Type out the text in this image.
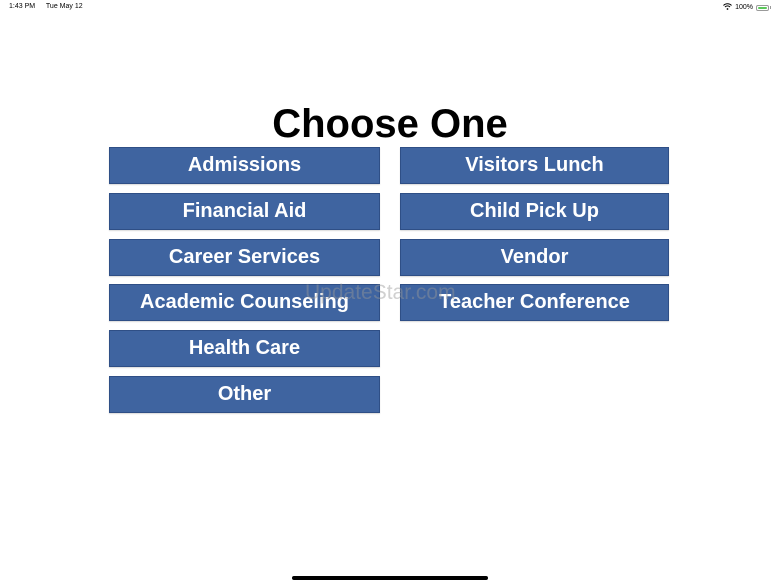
1:43 PM Tue May 12	100%
Choose One
Admissions
Financial Aid
Career Services
Academic Counseling
Health Care
Other
Visitors Lunch
Child Pick Up
Vendor
Teacher Conference
UpdateStar.com
